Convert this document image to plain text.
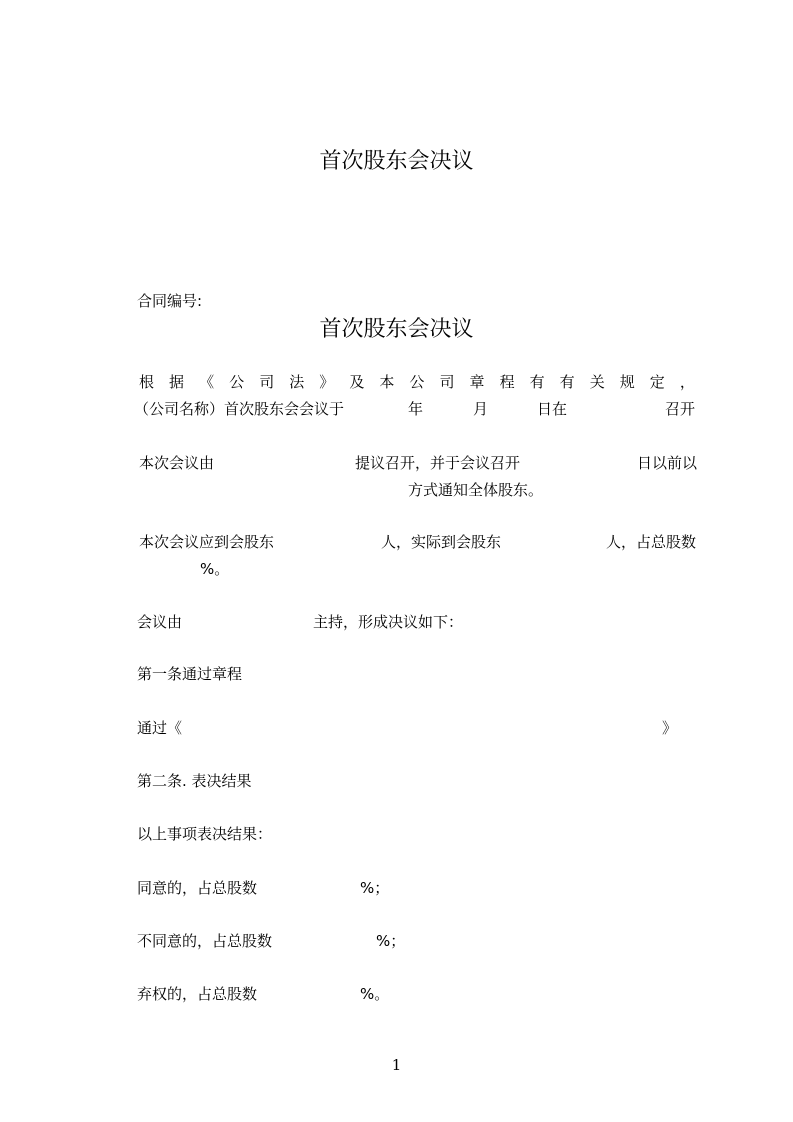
首次股东会决议
合同编号:
首次股东会决议
根 据 《 公 司 法 》 及 本 公 司 章 程 有 有 关 规 定 ，
（公司名称）首次股东会会议于	年	月	日在	召开
本次会议由	提议召开，并于会议召开	日以前以
方式通知全体股东。
本次会议应到会股东	人，实际到会股东	人，占总股数
%。
会议由	主持，形成决议如下：
第一条通过章程
通过《	》
第二条. 表决结果
以上事项表决结果：
同意的，占总股数	%；
不同意的，占总股数	%；
弃权的，占总股数	%。
1
